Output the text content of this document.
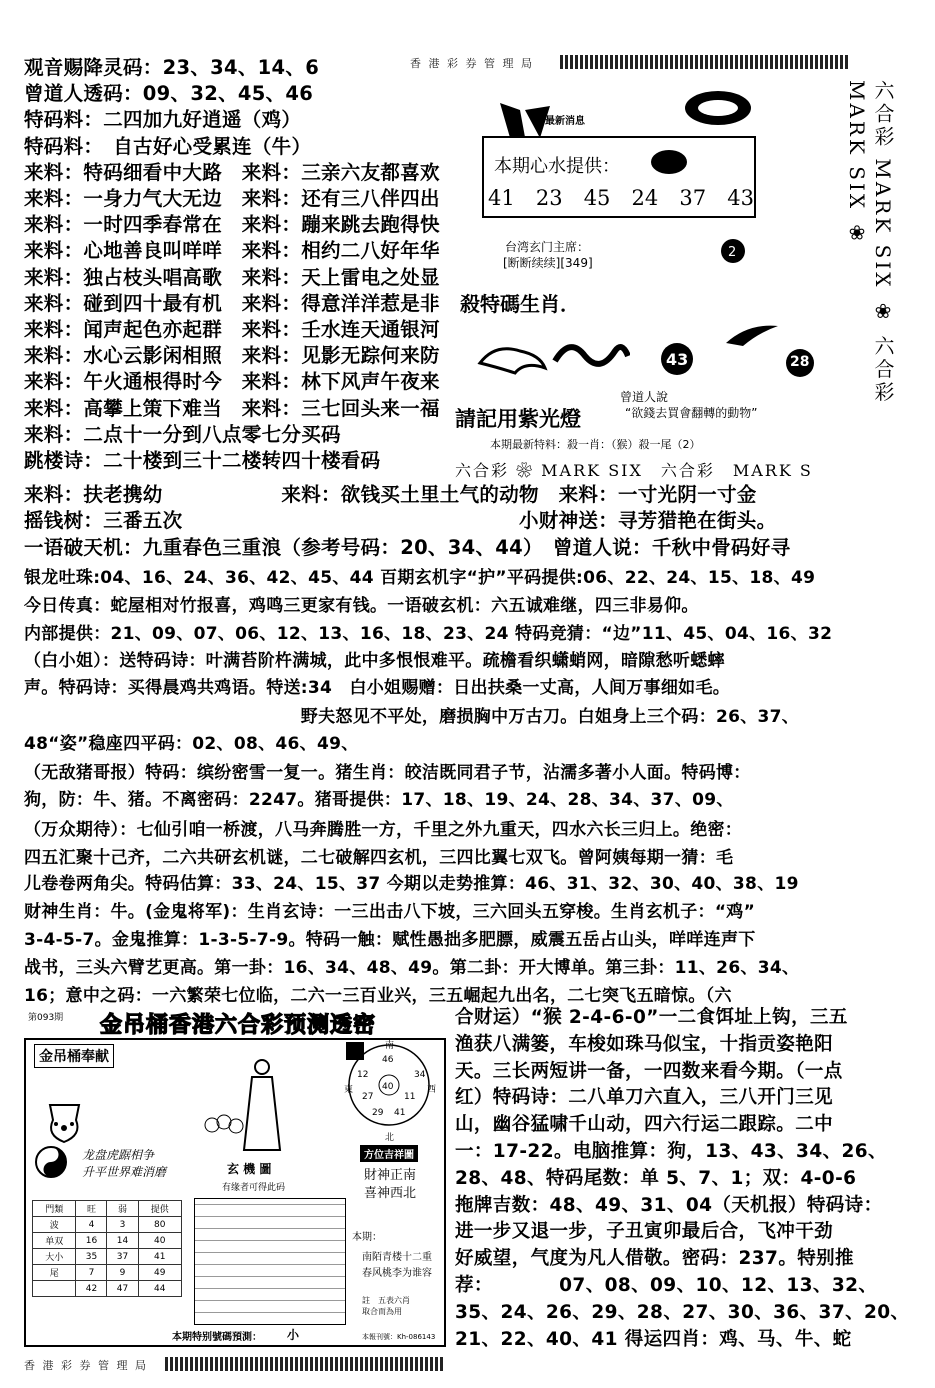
香 港 彩 券 管 理 局
观音赐降灵码：23、34、14、6
曾道人透码：09、32、45、46
特码料：二四加九好逍遥（鸡）
特码料：　自古好心受累连（牛）
来料：特码细看中大路　来料：三亲六友都喜欢
来料：一身力气大无边　来料：还有三八伴四出
来料：一时四季春常在　来料：蹦来跳去跑得快
来料：心地善良叫咩咩　来料：相约二八好年华
来料：独占枝头唱高歌　来料：天上雷电之处显
来料：碰到四十最有机　来料：得意洋洋惹是非
来料：闻声起色亦起群　来料：壬水连天通银河
来料：水心云影闲相照　来料：见影无踪何来防
来料：午火通根得时今　来料：林下风声午夜来
来料：高攀上策下难当　来料：三七回头来一福
来料：二点十一分到八点零七分买码
跳楼诗：二十楼到三十二楼转四十楼看码
最新消息
本期心水提供：
41 23 45 24 37 43
台湾玄门主席：
[断断续续][349]
2
殺特碼生肖．
43	28
曾道人說
“欲錢去買會翻轉的動物”
本期最新特料：殺一肖：（猴）殺一尾（2）
請記用紫光燈
六合彩 MARK SIX ❀ 六合彩 MARK SIX ❀
六合彩 ❀ MARK SIX　六合彩　MARK S
来料：扶老携幼　　　　　　来料：欲钱买土里土气的动物　来料：一寸光阴一寸金
摇钱树：三番五次　　　　　　　　　　　　　　　　　小财神送：寻芳猎艳在街头。
一语破天机：九重春色三重浪（参考号码：20、34、44）　曾道人说：千秋中骨码好寻
银龙吐珠:04、16、24、36、42、45、44 百期玄机字“护”平码提供:06、22、24、15、18、49
今日传真：蛇屋相对竹报喜，鸡鸣三更家有钱。一语破玄机：六五诚难继，四三非易仰。
内部提供：21、09、07、06、12、13、16、18、23、24 特码竞猜：“边”11、45、04、16、32
（白小姐）：送特码诗：叶满苔阶杵满城，此中多恨恨难平。疏檐看织蟏蛸网，暗隙愁听蟋蟀
声。特码诗：买得晨鸡共鸡语。特送:34　白小姐赐赠：日出扶桑一丈高，人间万事细如毛。
　　　　　　　　　　　　　　　　野夫怒见不平处，磨损胸中万古刀。白姐身上三个码：26、37、
48“姿”稳座四平码：02、08、46、49、
（无敌猪哥报）特码：缤纷密雪一复一。猪生肖：皎洁既同君子节，沾濡多著小人面。特码博：
狗，防：牛、猪。不离密码：2247。猪哥提供：17、18、19、24、28、34、37、09、
（万众期待）：七仙引咱一桥渡，八马奔腾胜一方，千里之外九重天，四水六长三归上。绝密：
四五汇聚十己齐，二六共研玄机谜，二七破解四玄机，三四比翼七双飞。曾阿姨每期一猜：毛
儿卷卷两角尖。特码估算：33、24、15、37 今期以走势推算：46、31、32、30、40、38、19
财神生肖：牛。(金鬼将军)：生肖玄诗：一三出击八下坡，三六回头五穿梭。生肖玄机子：“鸡”
3-4-5-7。金鬼推算：1-3-5-7-9。特码一触：赋性愚拙多肥膘，威震五岳占山头，咩咩连声下
战书，三头六臂艺更高。第一卦：16、34、48、49。第二卦：开大博单。第三卦：11、26、34、
16；意中之码：一六繁荣七位临，二六一三百业兴，三五崛起九出名，二七突飞五暗惊。（六
合财运）“猴 2-4-6-0”一二食饵址上钩，三五
渔获八满篓，车梭如珠马似宝，十指贡姿艳阳
天。三长两短讲一备，一四数来看今期。（一点
红）特码诗：二八单刀六直入，三八开门三见
山，幽谷猛啸千山动，四六行运二跟踪。二中
一：17-22。电脑推算：狗，13、43、34、26、
28、48、特码尾数：单 5、7、1；双：4-0-6
拖牌吉数：48、49、31、04（天机报）特码诗：
进一步又退一步，子丑寅卯最后合，飞冲干劲
好威望，气度为凡人借敬。密码：237。特别推
荐：　　　　07、08、09、10、12、13、32、
35、24、26、29、28、27、30、36、37、20、
21、22、40、41 得运四肖：鸡、马、牛、蛇
第093期 金吊桶香港六合彩预测透密
金吊桶奉献
龙盘虎踞相争
升平世界难消磨
門類	旺	弱	提供
波	4	3	80
单双	16	14	40
大小	35	37	41
尾	7	9	49
	42	47	44
玄 機 圖
有缘者可得此码
本期特别號碼預測： 小
南
北
東	西
46
40
12	34
27	11
29 41
方位吉祥圖
財神正南
喜神西北
本期：
南陌青楼十二重
春风桃李为谁容
註　五表六肖
取合而為用
本報刊號：Kh-086143
香 港 彩 券 管 理 局
